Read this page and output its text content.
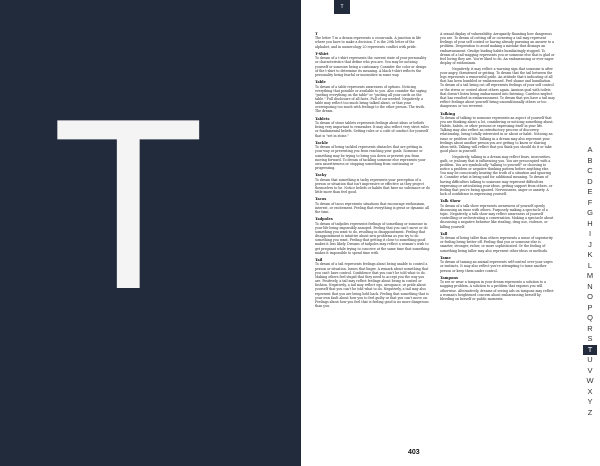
T
T
T

The letter T in a dream represents a crossroads. A junction in life where you have to make a decision. T is the 20th letter of the alphabet, and in numerology 20 represents conflict with pride.

T-Shirt

To dream of a t-shirt represents the current state of your personality or characteristics that define who you are. You may be noticing yourself or someone being a customary. Consider the color or design of the t-shirt to determine its meaning. A black t-shirt reflects the personality being fearful or insensitive in some way.

Table

To dream of a table represents awareness of options. Noticing everything that possible or available to you. Also consider the saying "putting everything on the table" or "putting all your cards on the table." Full disclosure of all facts. Full of our needed. Negatively, a table may reflect too much being talked about, or that your overexposing too much with feelings to the other person. The truth. The dream.

Tablets

To dream of stone tablets represents feelings about ideas or beliefs being very important to remember. It may also reflect very strict rules or fundamental beliefs. Setting rules or a code of conduct for yourself that is "set in stone."

Tackle

To dream of being tackled represents obstacles that are getting in your way or preventing you from reaching your goals. Someone or something may be trying to bring you down or prevent you from moving forward. To dream of tackling someone else represents your own assertiveness or stopping something from continuing or progressing.

Tacky

To dream that something is tacky represents your perception of a person or situation that isn't impressive or effective as they project themselves to be. Notice beliefs or habits that have no substance or do little more than feel good.

Tacos

To dream of tacos represents situations that encourage enthusiasm, interest, or excitement. Feeling that everything is great or dynamic all the time.

Tadpoles

To dream of tadpoles represents feelings of something or someone in your life being impossibly annoyed. Feeling that you can't move or do something you want to do, resulting in disappointment. Feeling that disappointment is intuitive about new problems as you try to do something you want. Feeling that getting it close to something good makes it less likely. Dreams of tadpoles may reflect a woman's wish to get pregnant while trying to conceive at the same time that something makes it impossible to spend time with.

Tail

To dream of a tail represents feelings about being unable to control a person or situation. Issues that linger. A remark about something that you can't have control. Confidence that you can't be told what to do. Making others feel stupid that they need to accept you the way you are. Positively, a tail may reflect feelings about being in control or fashion. Negatively, a tail may reflect ego, arrogance, or pride about yourself that you can't be told what to do. Negatively, a tail may also represent that you are being held back. Feeling that something that is your own fault about how you to feel guilty or that you can't move on. Feelings about how you feel that is feeling good is no more dangerous than you.

A sexual display of vulnerability. Arrogantly flaunting how dangerous you are. To dream of cutting off or cornering a tail may represent feelings of your self control or having already pursuing an answer to a problem. Desperation to avoid making a mistake that dismays an embarrassment. Grudge leading habits humiliatingly stopped. To dream of a tail wagging represents you or someone else that is glad or feel loving they are. You're liked to do. An embarrassing or ever eager display of enthusiasm.

Negatively, it may reflect a warning sign that someone is after your angry, threatened or getting. To dream that the tail between the legs represents a remorseful pride. An attitude that's indicating of all that has been humbled or embarrassed. Feel shame and humiliation. To dream of a tail being cut off represents feelings of your self control or the stress or control about others again. Anxious goal with toilets that doesn't listen being embarrassed into listening. Careless neglect that has resulted in embarrassment. To dream that you have a tail may reflect feelings about yourself being unconditionally others or too dangerous or too reverent.

Talking

To dream of talking to someone represents an aspect of yourself that you are thinking about a lot, considering or noticing something about. Habits, habits, or other persons or expressing itself in your life. Talking may also reflect an introductory process of discovery, relationship, being totally interested in or about or habit. Noticing an issue or problem of life. Talking in a dream may also represent your feelings about another person you are getting to know or sharing ideas with. Talking will reflect that you think you should do it or take good place in yourself.

Negatively, talking in a dream may reflect fears, insecurities, guilt, or jealousy that is influencing you. You are preoccupied with a problem. You are symbolically "talking to yourself" or choosing to notice a problem or negative thinking pattern before anything else. You may be consciously hearing the truth of a situation and ignoring it. Consider what is being said for additional meaning. To dream of having difficulties talking to someone may represent difficulties expressing or articulating your ideas, getting support from others, or feeling that you're being ignored. Nervousness, anger or anxiety. A lack of confidence in expressing yourself.

Talk Show

To dream of a talk show represents awareness of yourself openly discussing an issue with others. Purposely making a spectacle of a topic. Negatively, a talk show may reflect awareness of yourself controlling or orchestrating a conversation. Making a spectacle about discussing a negative behavior like stealing, drug use, violence, or killing yourself.

Tall

To dream of being taller than others represents a sense of superiority or feeling being better off. Feeling that you or someone else is smarter, stronger, richer, or more sophisticated. Or the feeling of something being taller may also represent other ideas or methods.

Tame

To dream of taming an animal represents self-control over your urges or instincts. It may also reflect you're attempting to tame another person or keep them under control.

Tampons

To see or wear a tampon in your dream represents a solution to a nagging problem. A solution to a problem that exposes you will otherwise. Alternatively, dreams of seeing ads on tampons may reflect a woman's heightened concern about embarrassing herself by bleeding on herself or public moments.

A
B
C
D
E
F
G
H
I
J
K
L
M
N
O
P
Q
R
S
T
U
V
W
X
Y
Z
403
